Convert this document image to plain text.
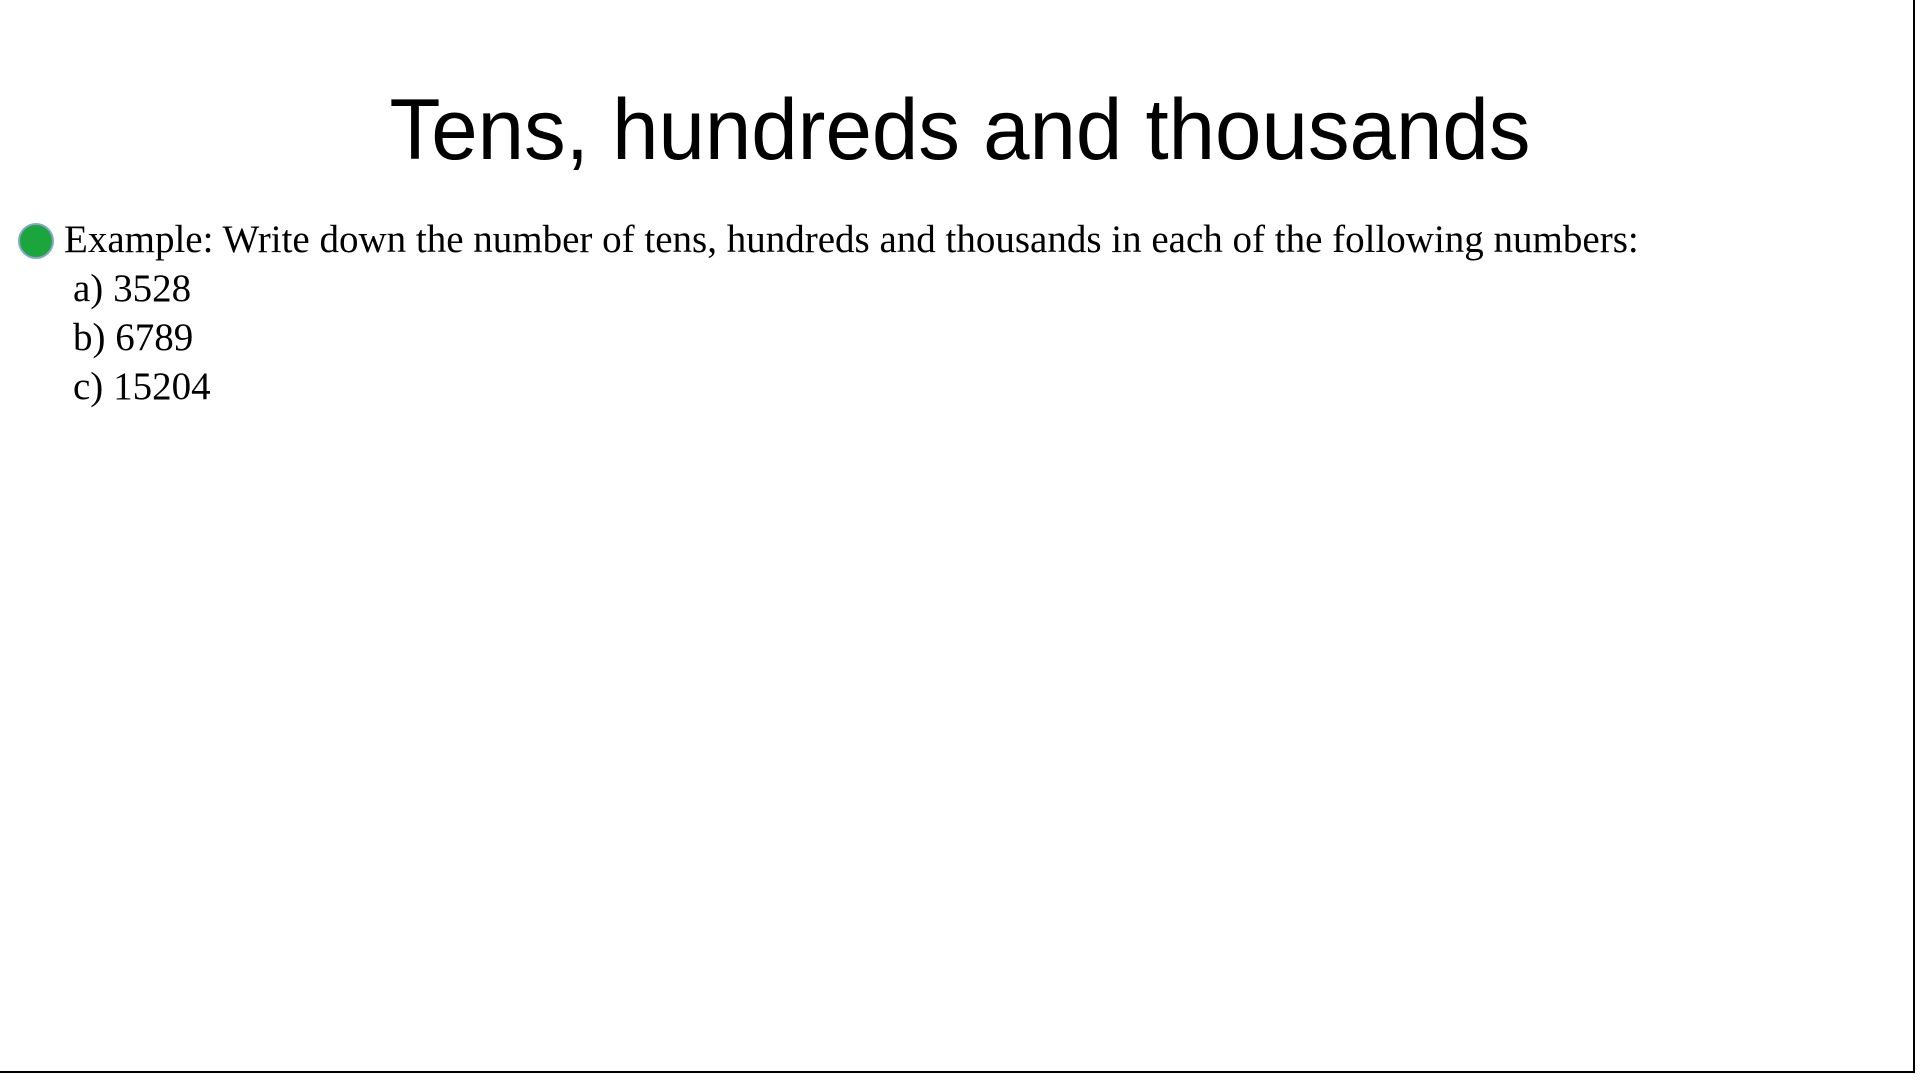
Tens, hundreds and thousands
Example: Write down the number of tens, hundreds and thousands in each of the following numbers:
a) 3528
b) 6789
c) 15204
